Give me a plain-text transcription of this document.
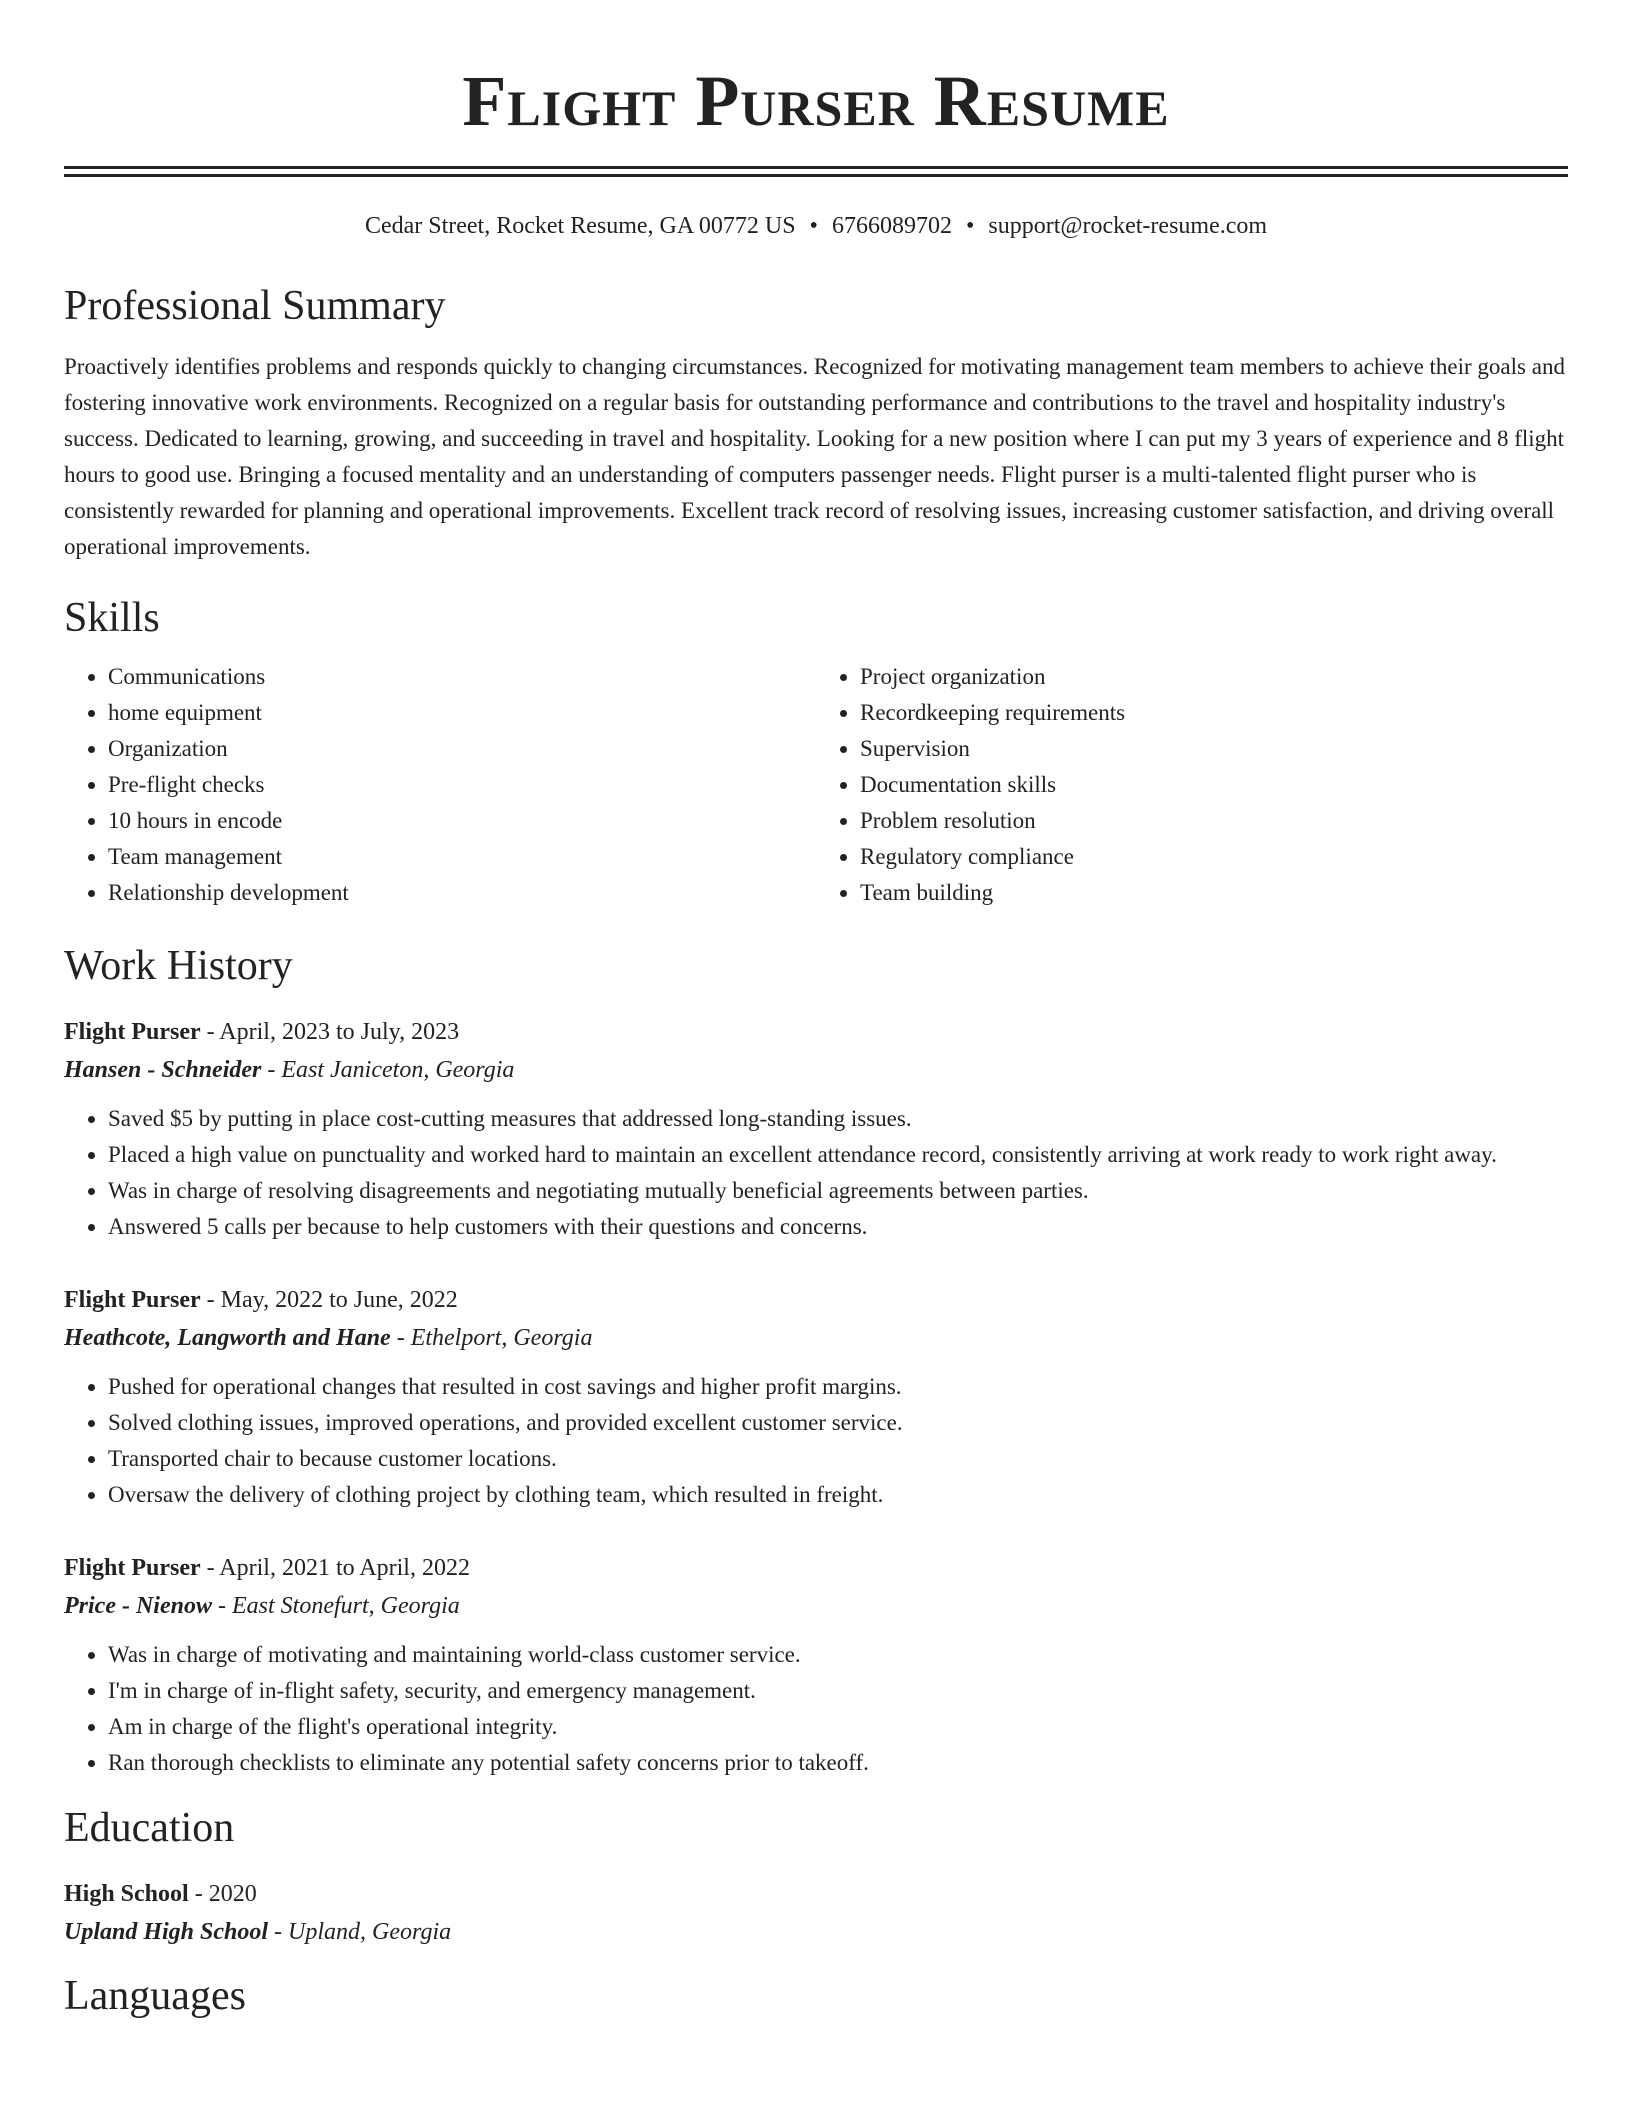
Flight Purser Resume
Cedar Street, Rocket Resume, GA 00772 US • 6766089702 • support@rocket-resume.com
Professional Summary

Proactively identifies problems and responds quickly to changing circumstances. Recognized for motivating management team members to achieve their goals and fostering innovative work environments. Recognized on a regular basis for outstanding performance and contributions to the travel and hospitality industry's success. Dedicated to learning, growing, and succeeding in travel and hospitality. Looking for a new position where I can put my 3 years of experience and 8 flight hours to good use. Bringing a focused mentality and an understanding of computers passenger needs. Flight purser is a multi-talented flight purser who is consistently rewarded for planning and operational improvements. Excellent track record of resolving issues, increasing customer satisfaction, and driving overall operational improvements.

Skills
• Communications
• home equipment
• Organization
• Pre-flight checks
• 10 hours in encode
• Team management
• Relationship development
• Project organization
• Recordkeeping requirements
• Supervision
• Documentation skills
• Problem resolution
• Regulatory compliance
• Team building
Work History
Flight Purser - April, 2023 to July, 2023
Hansen - Schneider - East Janiceton, Georgia
• Saved $5 by putting in place cost-cutting measures that addressed long-standing issues.
• Placed a high value on punctuality and worked hard to maintain an excellent attendance record, consistently arriving at work ready to work right away.
• Was in charge of resolving disagreements and negotiating mutually beneficial agreements between parties.
• Answered 5 calls per because to help customers with their questions and concerns.
Flight Purser - May, 2022 to June, 2022
Heathcote, Langworth and Hane - Ethelport, Georgia
• Pushed for operational changes that resulted in cost savings and higher profit margins.
• Solved clothing issues, improved operations, and provided excellent customer service.
• Transported chair to because customer locations.
• Oversaw the delivery of clothing project by clothing team, which resulted in freight.
Flight Purser - April, 2021 to April, 2022
Price - Nienow - East Stonefurt, Georgia
• Was in charge of motivating and maintaining world-class customer service.
• I'm in charge of in-flight safety, security, and emergency management.
• Am in charge of the flight's operational integrity.
• Ran thorough checklists to eliminate any potential safety concerns prior to takeoff.
Education
High School - 2020
Upland High School - Upland, Georgia
Languages
